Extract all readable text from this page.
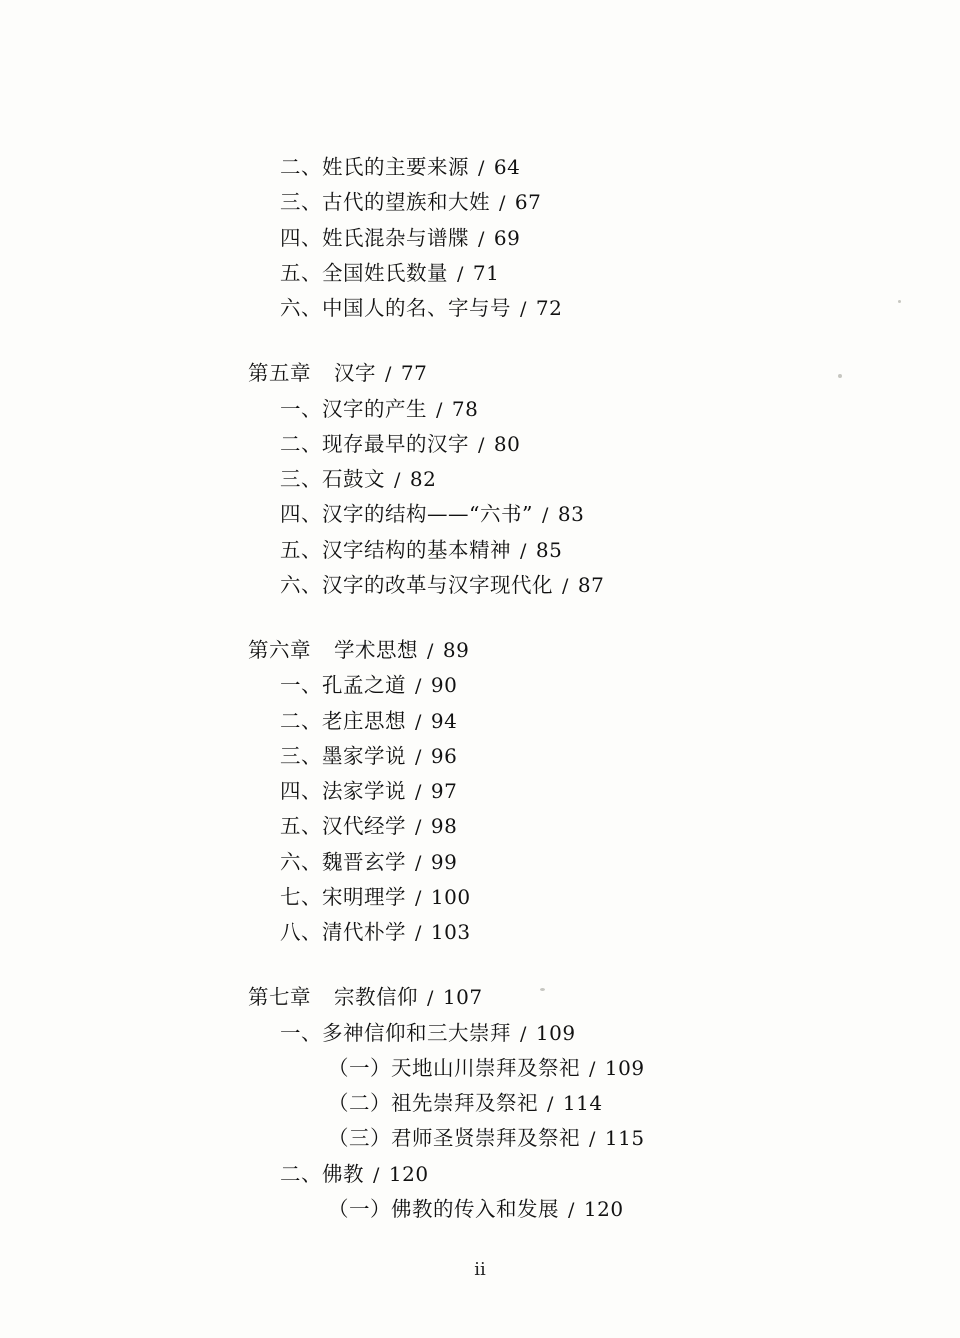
二、姓氏的主要来源 / 64
三、古代的望族和大姓 / 67
四、姓氏混杂与谱牒 / 69
五、全国姓氏数量 / 71
六、中国人的名、字与号 / 72
第五章	汉字 / 77
一、汉字的产生 / 78
二、现存最早的汉字 / 80
三、石鼓文 / 82
四、汉字的结构——“六书” / 83
五、汉字结构的基本精神 / 85
六、汉字的改革与汉字现代化 / 87
第六章	学术思想 / 89
一、孔孟之道 / 90
二、老庄思想 / 94
三、墨家学说 / 96
四、法家学说 / 97
五、汉代经学 / 98
六、魏晋玄学 / 99
七、宋明理学 / 100
八、清代朴学 / 103
第七章	宗教信仰 / 107
一、多神信仰和三大崇拜 / 109
（一）天地山川崇拜及祭祀 / 109
（二）祖先崇拜及祭祀 / 114
（三）君师圣贤崇拜及祭祀 / 115
二、佛教 / 120
（一）佛教的传入和发展 / 120
ii
